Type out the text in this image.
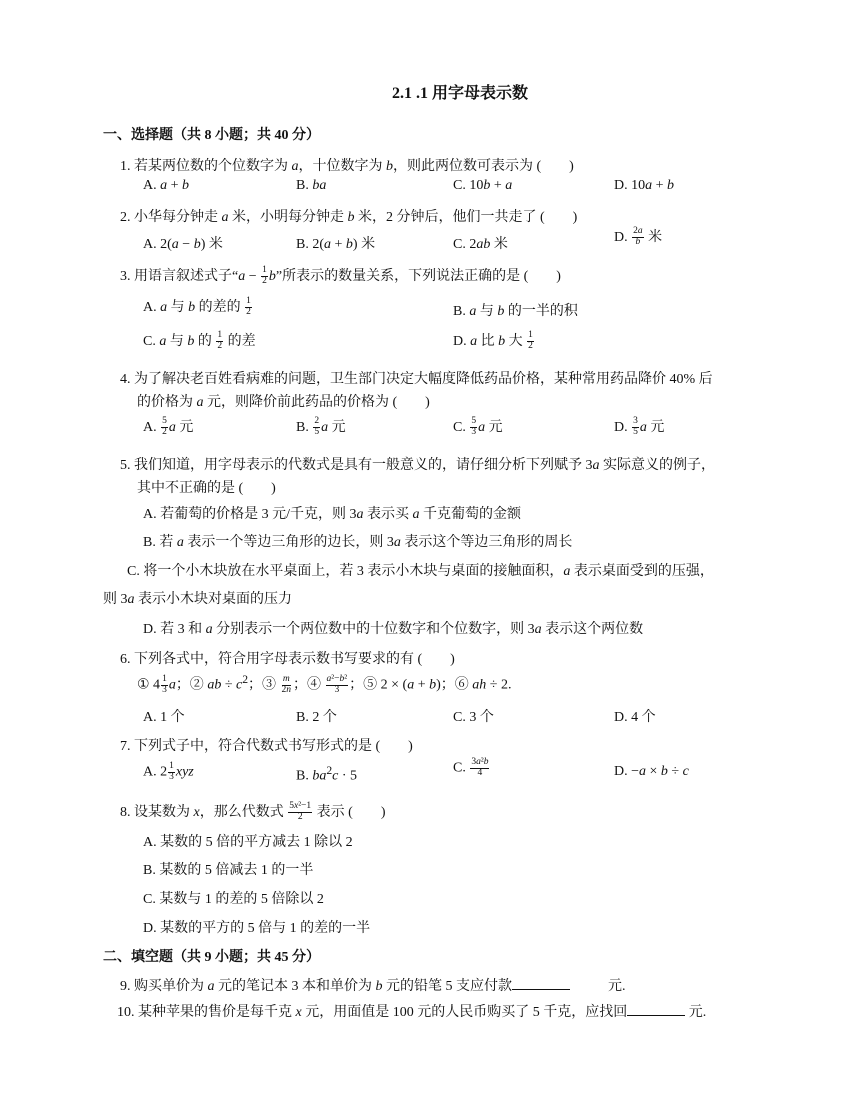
2.1 .1 用字母表示数
一、选择题（共 8 小题；共 40 分）
1. 若某两位数的个位数字为 a，十位数字为 b，则此两位数可表示为 (　　)
A. a + b	B. ba	C. 10b + a	D. 10a + b
2. 小华每分钟走 a 米，小明每分钟走 b 米，2 分钟后，他们一共走了 (　　)
A. 2(a − b) 米	B. 2(a + b) 米	C. 2ab 米	D. $\frac{2a}{b}$ 米
3. 用语言叙述式子“$a - \frac{1}{2} b$”所表示的数量关系，下列说法正确的是 (　　)
A. a 与 b 的差的 $\frac{1}{2}$	B. a 与 b 的一半的积
C. a 与 b 的 $\frac{1}{2}$ 的差	D. a 比 b 大 $\frac{1}{2}$
4. 为了解决老百姓看病难的问题，卫生部门决定大幅度降低药品价格，某种常用药品降价 40% 后
的价格为 a 元，则降价前此药品的价格为 (　　)
A. $\frac{5}{2}$ a 元	B. $\frac{2}{5}$ a 元	C. $\frac{5}{3}$ a 元	D. $\frac{3}{5}$ a 元
5. 我们知道，用字母表示的代数式是具有一般意义的，请仔细分析下列赋予 3a 实际意义的例子，
其中不正确的是 (　　)
A. 若葡萄的价格是 3 元/千克，则 3a 表示买 a 千克葡萄的金额
B. 若 a 表示一个等边三角形的边长，则 3a 表示这个等边三角形的周长
C. 将一个小木块放在水平桌面上，若 3 表示小木块与桌面的接触面积，a 表示桌面受到的压强，
则 3a 表示小木块对桌面的压力
D. 若 3 和 a 分别表示一个两位数中的十位数字和个位数字，则 3a 表示这个两位数
6. 下列各式中，符合用字母表示数书写要求的有 (　　)
① $4 \frac{1}{3}$ a；② ab ÷ $c^2$；③ $\frac{m}{2n}$ ；④ $\frac{\text{a²−b²}}{3}$ ；⑤ 2 × (a + b)；⑥ ah ÷ 2.
A. 1 个	B. 2 个	C. 3 个	D. 4 个
7. 下列式子中，符合代数式书写形式的是 (　　)
A. $2 \frac{1}{3}$ xyz	B. $ba^2c \cdot 5$
C. $\frac{\text{3a²b}}{4}$	D. −a × b ÷ c
8. 设某数为 x，那么代数式 $\frac{\text{5x²−1}}{2}$ 表示 (　　)
A. 某数的 5 倍的平方减去 1 除以 2
B. 某数的 5 倍减去 1 的一半
C. 某数与 1 的差的 5 倍除以 2
D. 某数的平方的 5 倍与 1 的差的一半
二、填空题（共 9 小题；共 45 分）
9. 购买单价为 a 元的笔记本 3 本和单价为 b 元的铅笔 5 支应付款	元.
10. 某种苹果的售价是每千克 x 元，用面值是 100 元的人民币购买了 5 千克，应找回	元.
